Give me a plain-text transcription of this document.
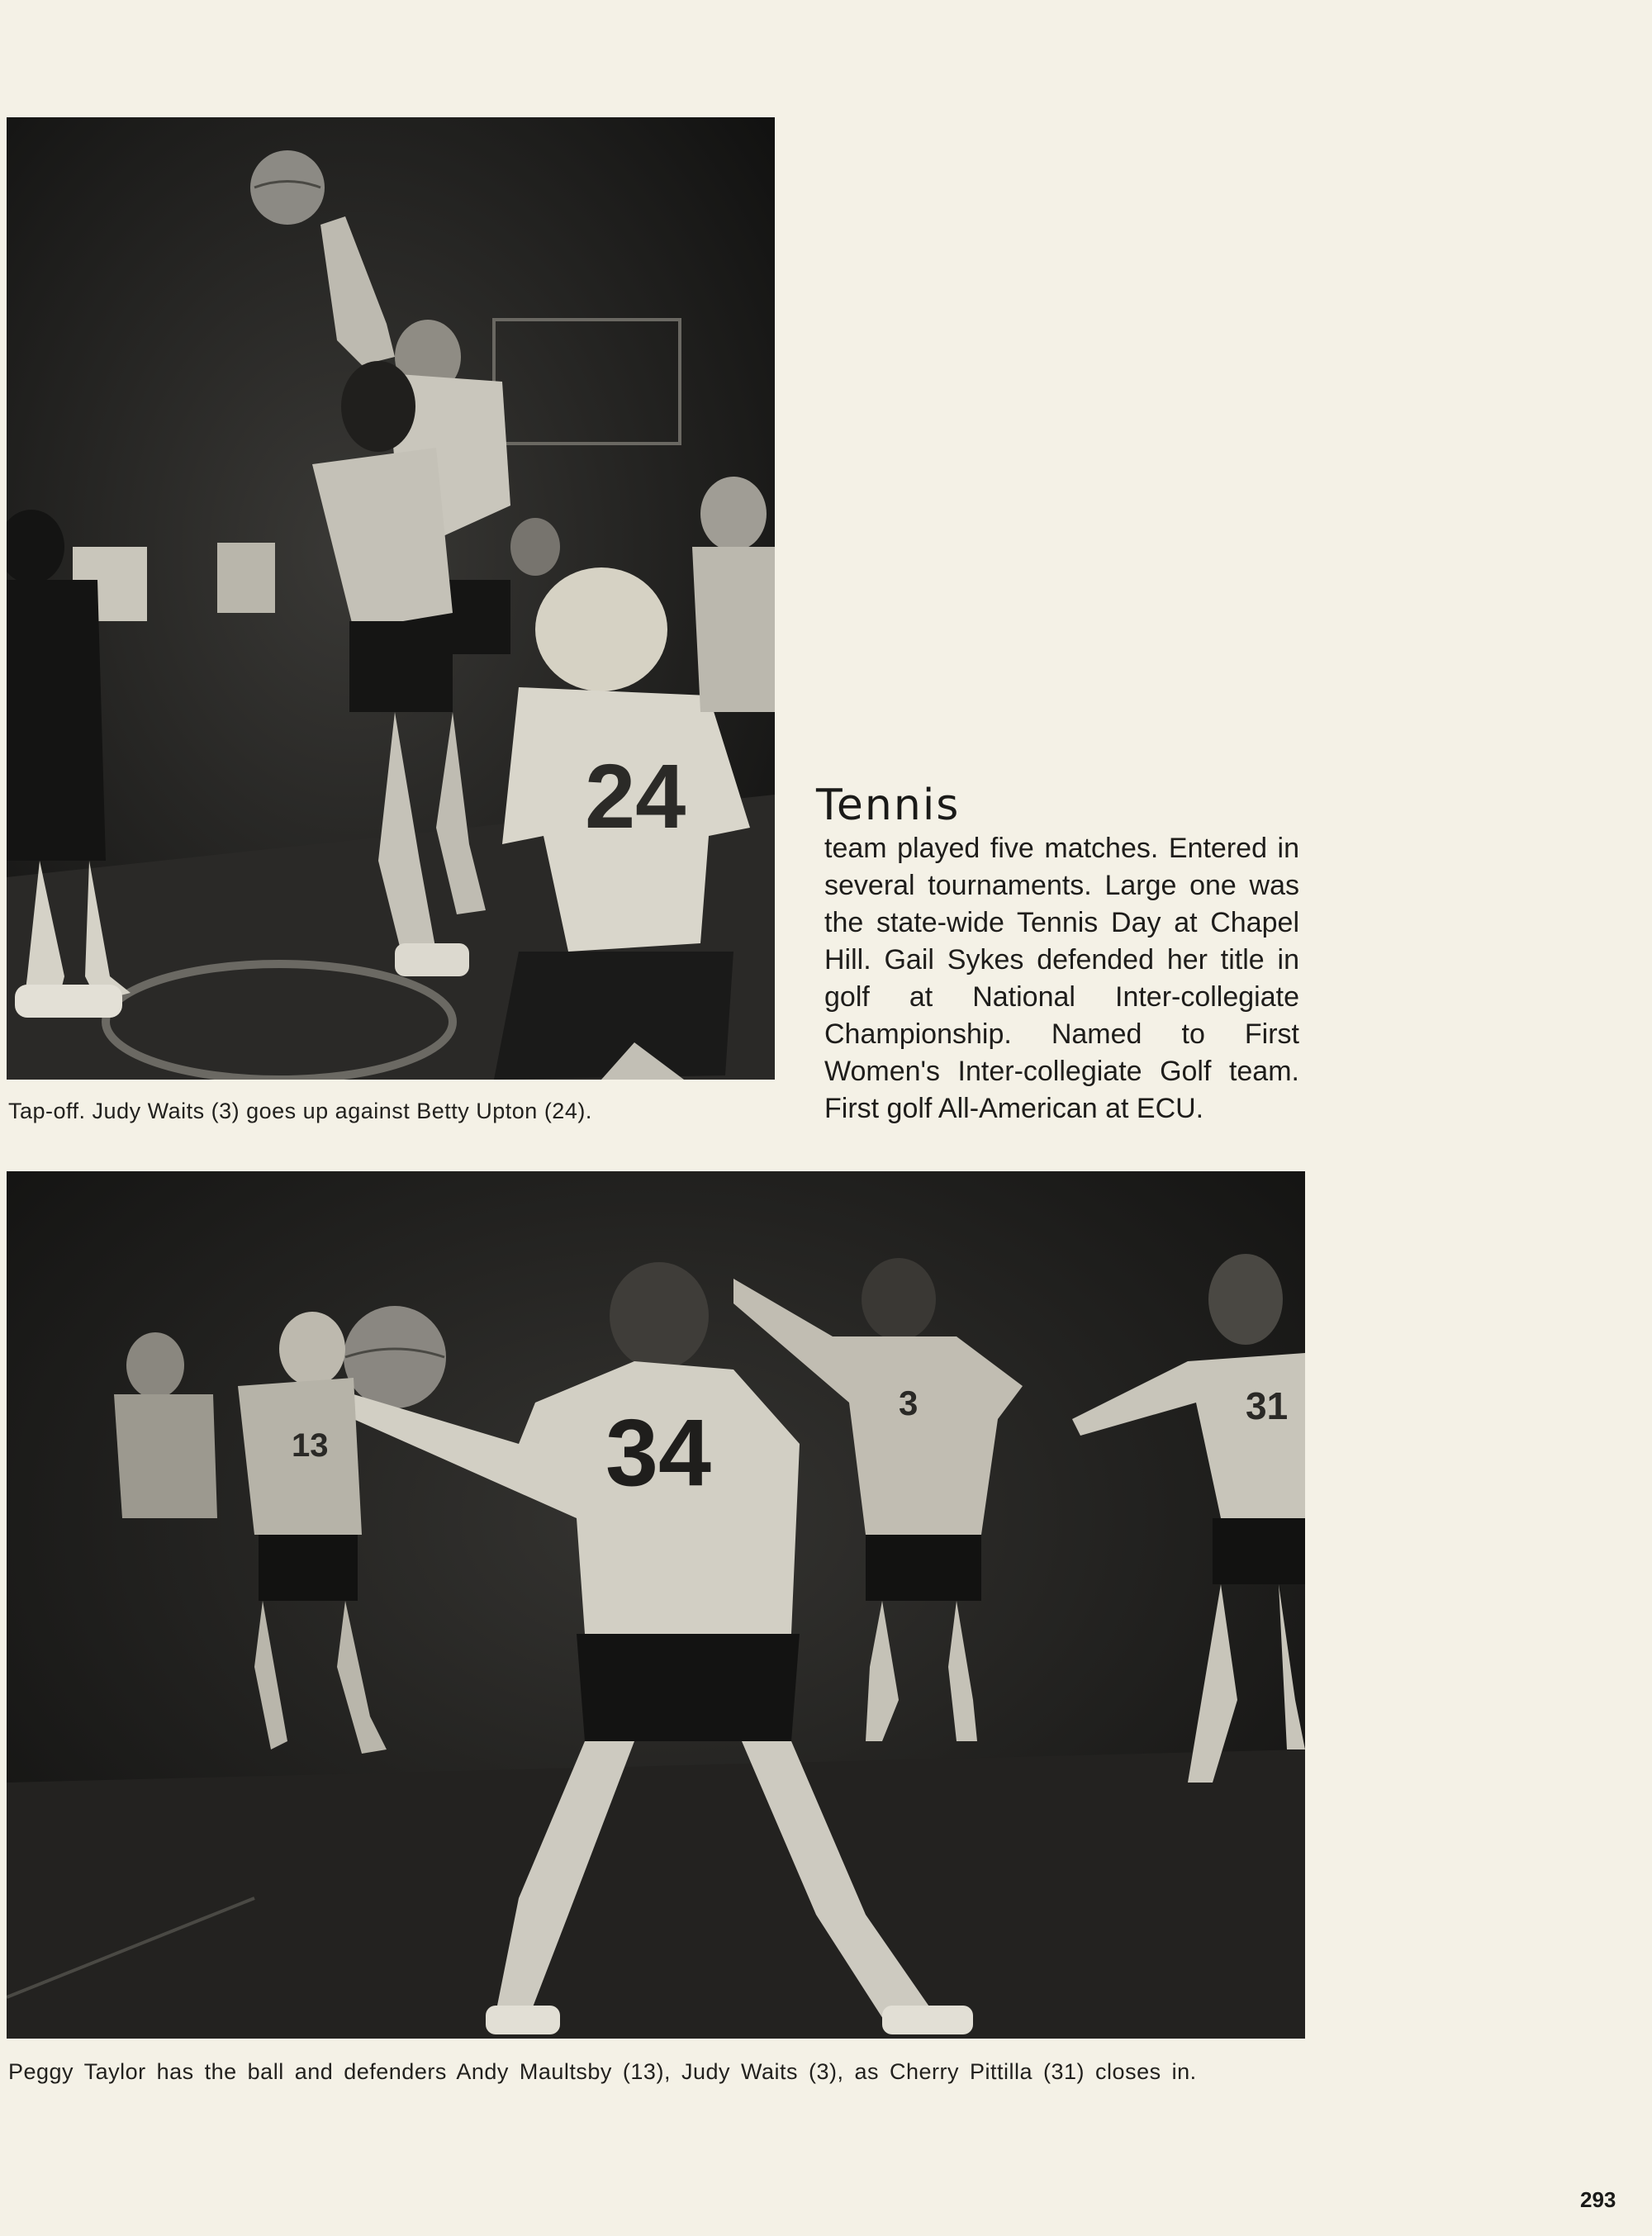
24
Tap-off. Judy Waits (3) goes up against Betty Upton (24).
Tennis

team played five matches. Entered in several tournaments. Large one was the state-wide Tennis Day at Chapel Hill. Gail Sykes defended her title in golf at National Inter-collegiate Championship. Named to First Women's Inter-collegiate Golf team. First golf All-American at ECU.

34
13
3	31
Peggy Taylor has the ball and defenders Andy Maultsby (13), Judy Waits (3), as Cherry Pittilla (31) closes in.
293
